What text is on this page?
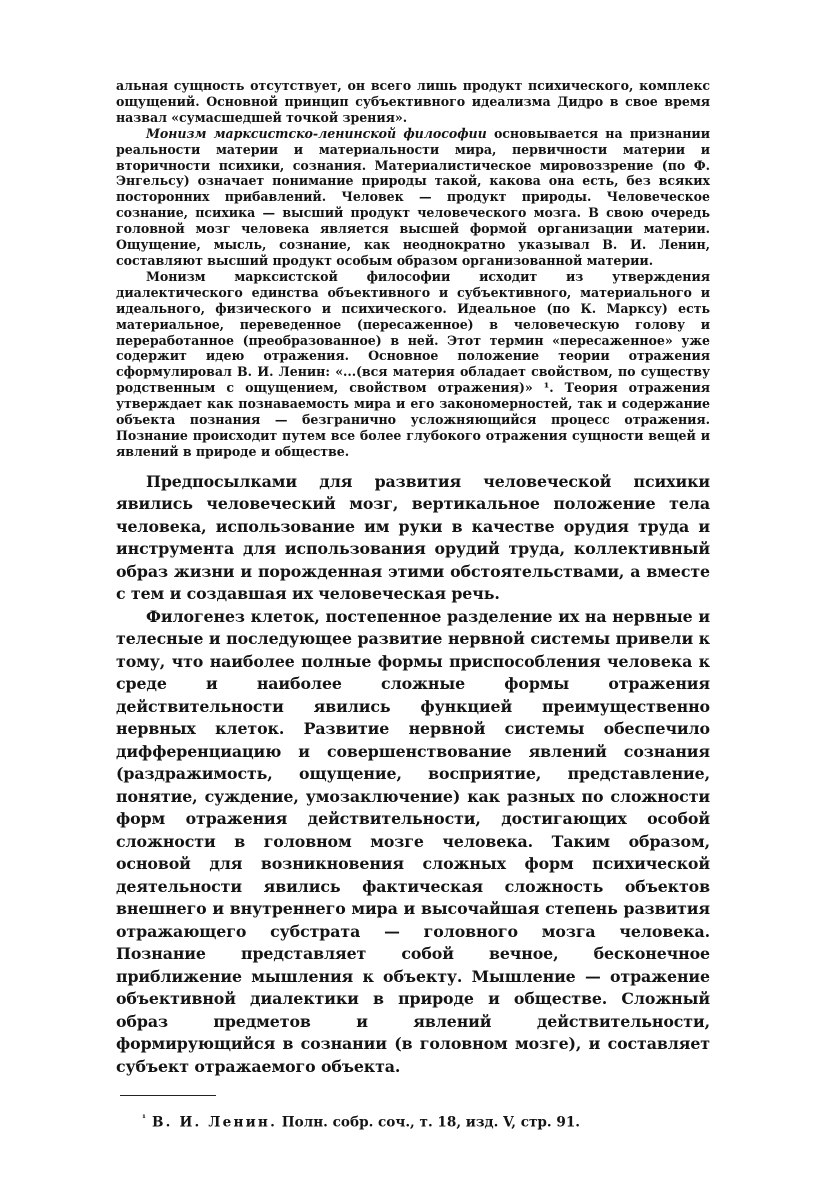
альная сущность отсутствует, он всего лишь продукт психического, комплекс ощущений. Основной принцип субъективного идеализма Дидро в свое время назвал «сумасшедшей точкой зрения».

Монизм марксистско-ленинской философии основывается на признании реальности материи и материальности мира, первичности материи и вторичности психики, сознания. Материалистическое мировоззрение (по Ф. Энгельсу) означает понимание природы такой, какова она есть, без всяких посторонних прибавлений. Человек — продукт природы. Человеческое сознание, психика — высший продукт человеческого мозга. В свою очередь головной мозг человека является высшей формой организации материи. Ощущение, мысль, сознание, как неоднократно указывал В. И. Ленин, составляют высший продукт особым образом организованной материи.

Монизм марксистской философии исходит из утверждения диалектического единства объективного и субъективного, материального и идеального, физического и психического. Идеальное (по К. Марксу) есть материальное, переведенное (пересаженное) в человеческую голову и переработанное (преобразованное) в ней. Этот термин «пересаженное» уже содержит идею отражения. Основное положение теории отражения сформулировал В. И. Ленин: «...(вся материя обладает свойством, по существу родственным с ощущением, свойством отражения)» ¹. Теория отражения утверждает как познаваемость мира и его закономерностей, так и содержание объекта познания — безгранично усложняющийся процесс отражения. Познание происходит путем все более глубокого отражения сущности вещей и явлений в природе и обществе.

Предпосылками для развития человеческой психики явились человеческий мозг, вертикальное положение тела человека, использование им руки в качестве орудия труда и инструмента для использования орудий труда, коллективный образ жизни и порожденная этими обстоятельствами, а вместе с тем и создавшая их человеческая речь.

Филогенез клеток, постепенное разделение их на нервные и телесные и последующее развитие нервной системы привели к тому, что наиболее полные формы приспособления человека к среде и наиболее сложные формы отражения действительности явились функцией преимущественно нервных клеток. Развитие нервной системы обеспечило дифференциацию и совершенствование явлений сознания (раздражимость, ощущение, восприятие, представление, понятие, суждение, умозаключение) как разных по сложности форм отражения действительности, достигающих особой сложности в головном мозге человека. Таким образом, основой для возникновения сложных форм психической деятельности явились фактическая сложность объектов внешнего и внутреннего мира и высочайшая степень развития отражающего субстрата — головного мозга человека. Познание представляет собой вечное, бесконечное приближение мышления к объекту. Мышление — отражение объективной диалектики в природе и обществе. Сложный образ предметов и явлений действительности, формирующийся в сознании (в головном мозге), и составляет субъект отражаемого объекта.

$^{^1}$ В. И. Ленин. Полн. собр. соч., т. 18, изд. V, стр. 91.
